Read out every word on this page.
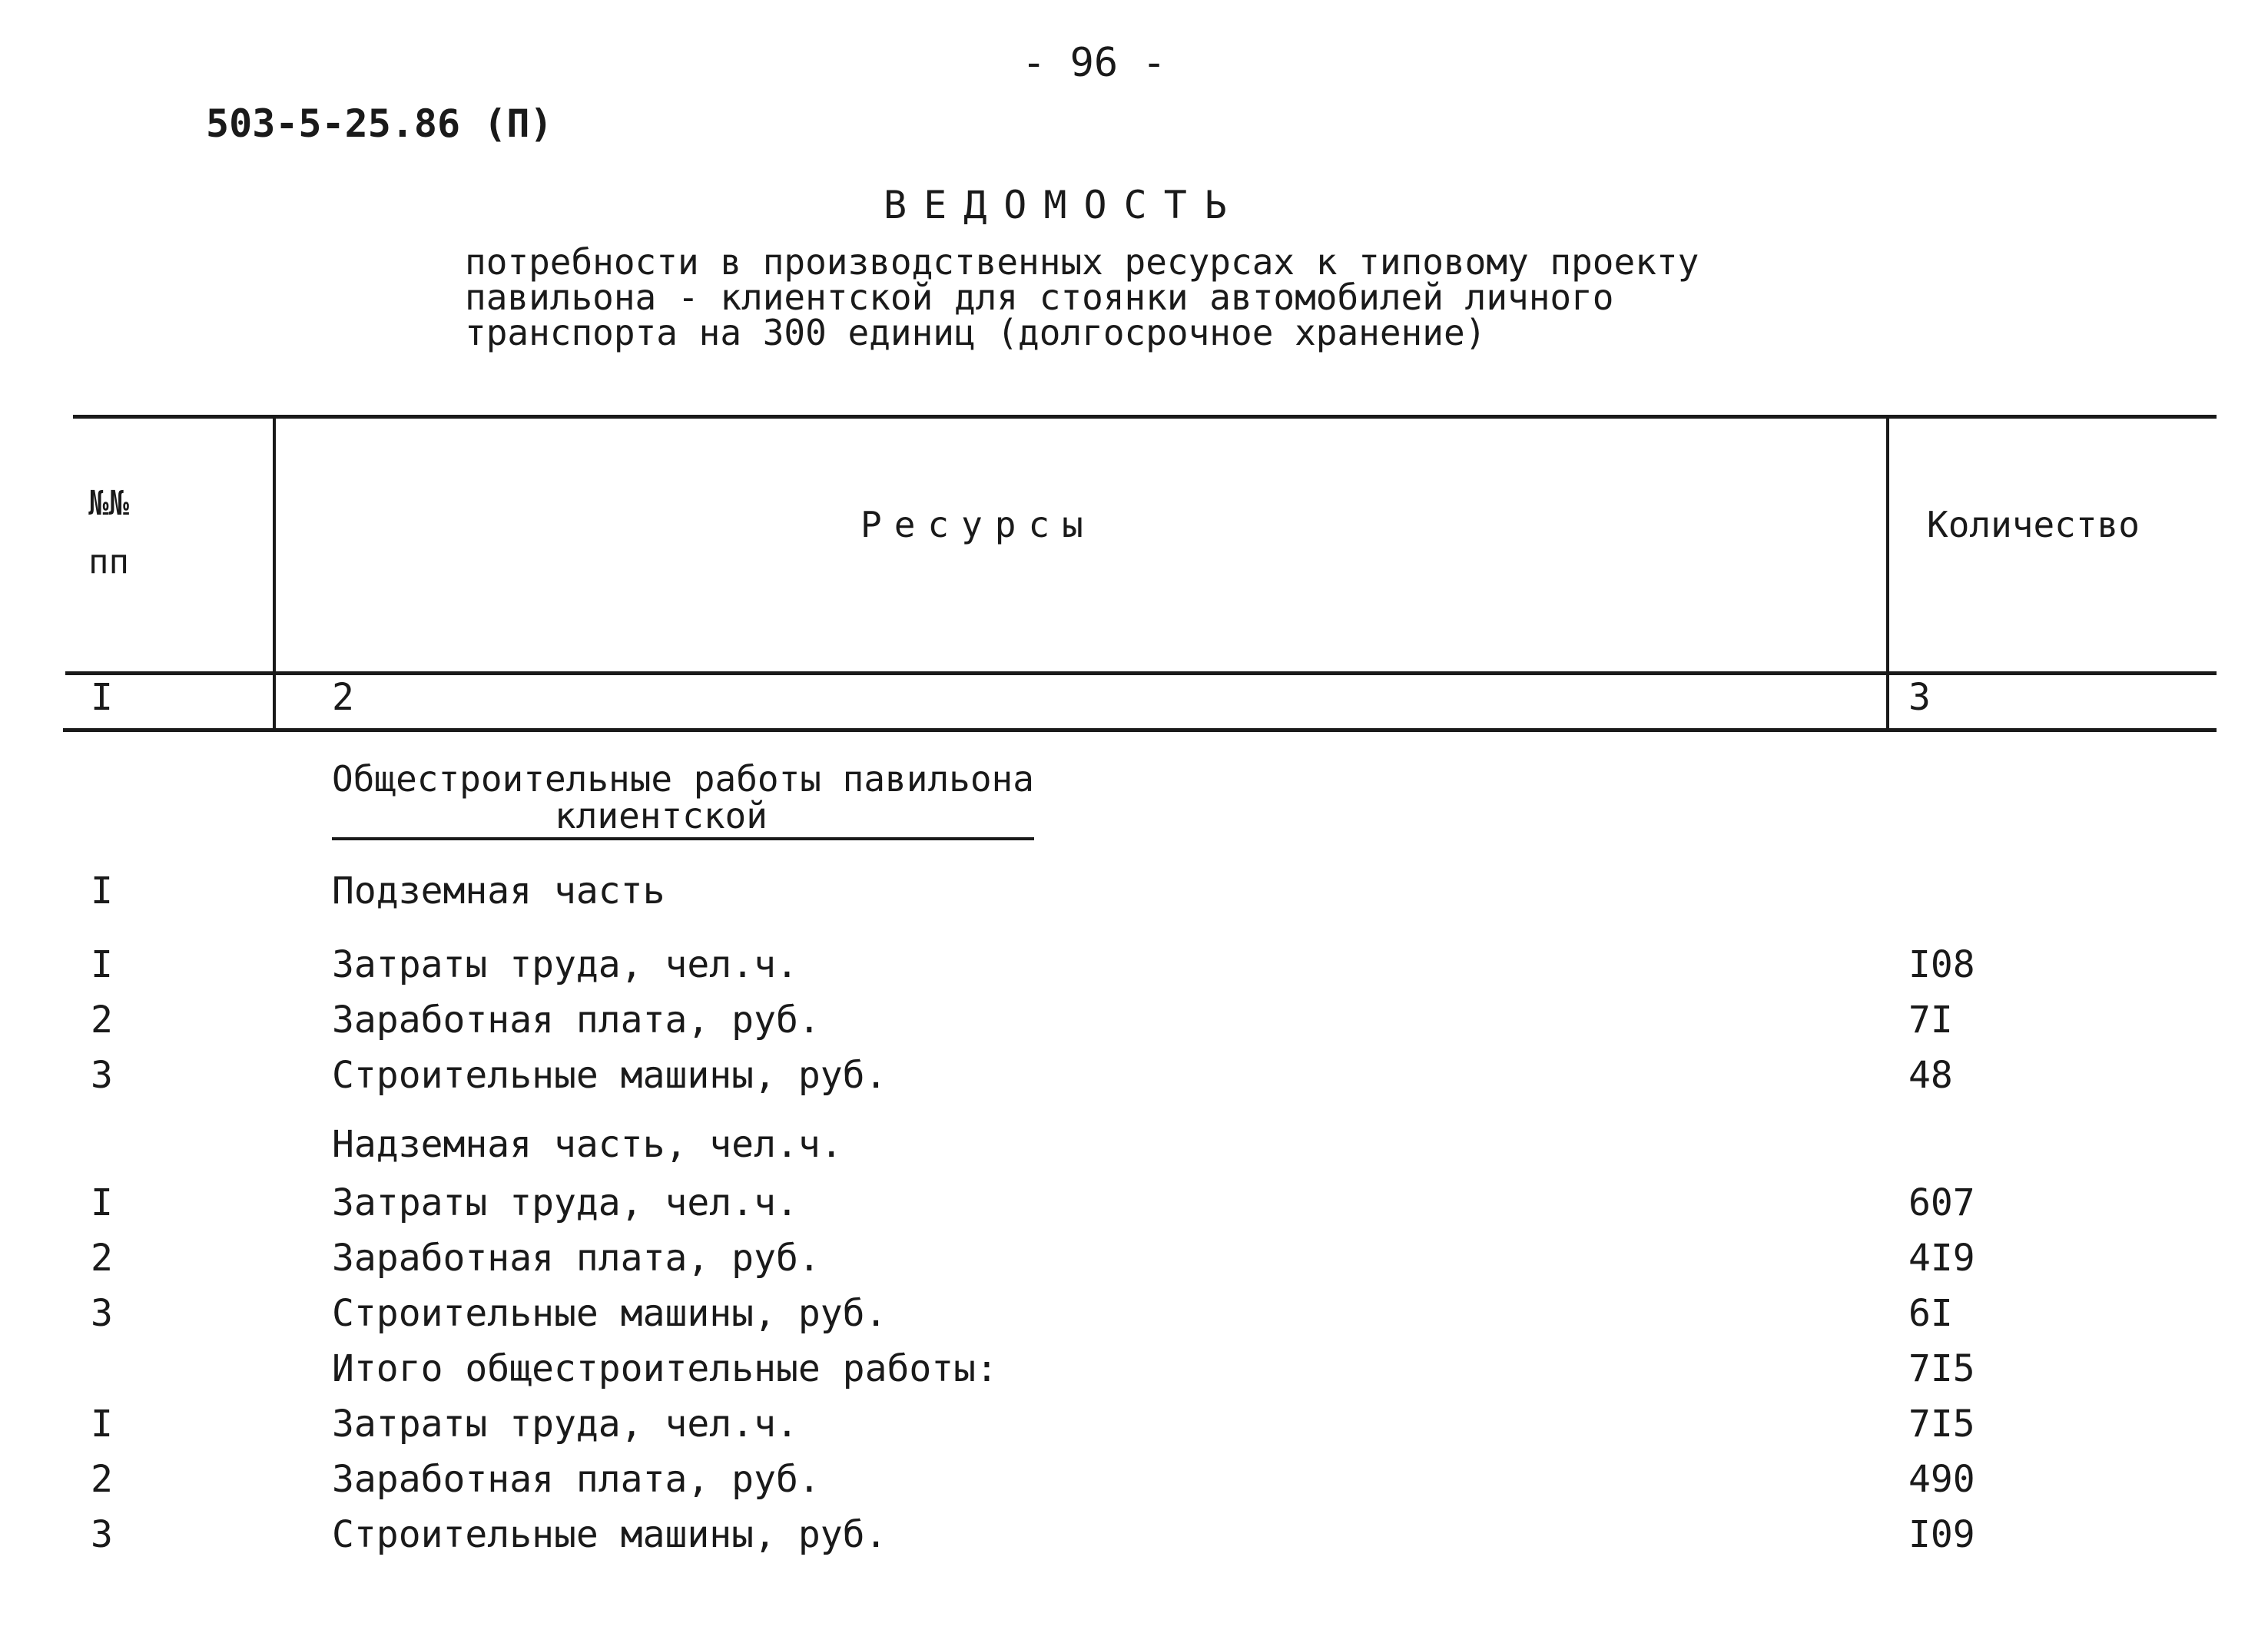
- 96 -
503-5-25.86 (П)
ВЕДОМОСТЬ
потребности в производственных ресурсах к типовому проекту
павильона - клиентской для стоянки автомобилей личного
транспорта на 300 единиц (долгосрочное хранение)
№№
пп
Ресурсы	Количество
I	2	3
Общестроительные работы павильона
клиентской
I	Подземная часть
I	Затраты труда, чел.ч.	I08
2	Заработная плата, руб.	7I
3	Строительные машины, руб.	48
Надземная часть, чел.ч.
I	Затраты труда, чел.ч.	607
2	Заработная плата, руб.	4I9
3	Строительные машины, руб.	6I
Итого общестроительные работы:	7I5
I	Затраты труда, чел.ч.	7I5
2	Заработная плата, руб.	490
3	Строительные машины, руб.	I09
